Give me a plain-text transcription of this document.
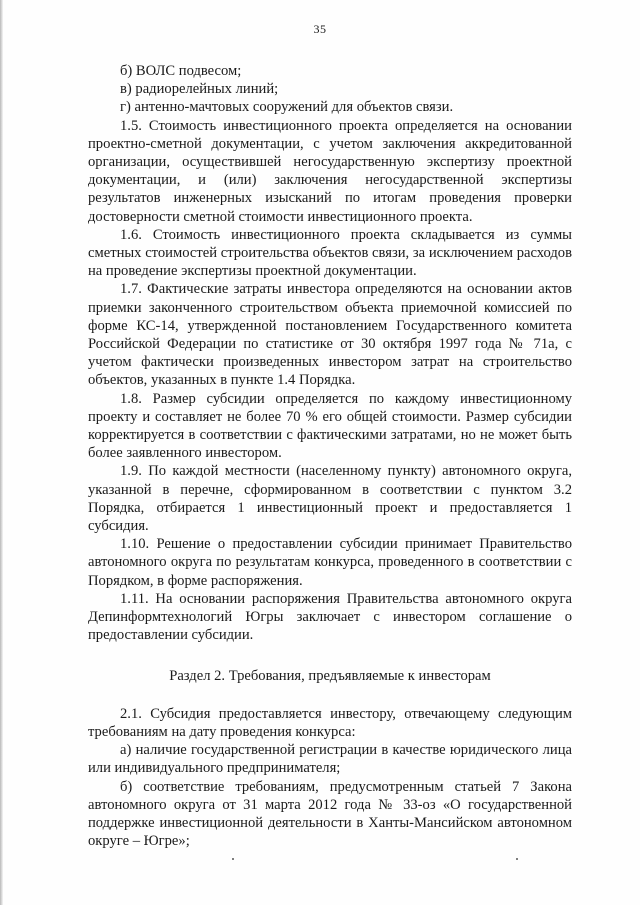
35

б) ВОЛС подвесом;

в) радиорелейных линий;

г) антенно-мачтовых сооружений для объектов связи.

1.5. Стоимость инвестиционного проекта определяется на основании проектно-сметной документации, с учетом заключения аккредитованной организации, осуществившей негосударственную экспертизу проектной документации, и (или) заключения негосударственной экспертизы результатов инженерных изысканий по итогам проведения проверки достоверности сметной стоимости инвестиционного проекта.

1.6. Стоимость инвестиционного проекта складывается из суммы сметных стоимостей строительства объектов связи, за исключением расходов на проведение экспертизы проектной документации.

1.7. Фактические затраты инвестора определяются на основании актов приемки законченного строительством объекта приемочной комиссией по форме КС-14, утвержденной постановлением Государственного комитета Российской Федерации по статистике от 30 октября 1997 года № 71а, с учетом фактически произведенных инвестором затрат на строительство объектов, указанных в пункте 1.4 Порядка.

1.8. Размер субсидии определяется по каждому инвестиционному проекту и составляет не более 70 % его общей стоимости. Размер субсидии корректируется в соответствии с фактическими затратами, но не может быть более заявленного инвестором.

1.9. По каждой местности (населенному пункту) автономного округа, указанной в перечне, сформированном в соответствии с пунктом 3.2 Порядка, отбирается 1 инвестиционный проект и предоставляется 1 субсидия.

1.10. Решение о предоставлении субсидии принимает Правительство автономного округа по результатам конкурса, проведенного в соответствии с Порядком, в форме распоряжения.

1.11. На основании распоряжения Правительства автономного округа Депинформтехнологий Югры заключает с инвестором соглашение о предоставлении субсидии.

Раздел 2. Требования, предъявляемые к инвесторам

2.1. Субсидия предоставляется инвестору, отвечающему следующим требованиям на дату проведения конкурса:

а) наличие государственной регистрации в качестве юридического лица или индивидуального предпринимателя;

б) соответствие требованиям, предусмотренным статьей 7 Закона автономного округа от 31 марта 2012 года № 33-оз «О государственной поддержке инвестиционной деятельности в Ханты-Мансийском автономном округе – Югре»;
